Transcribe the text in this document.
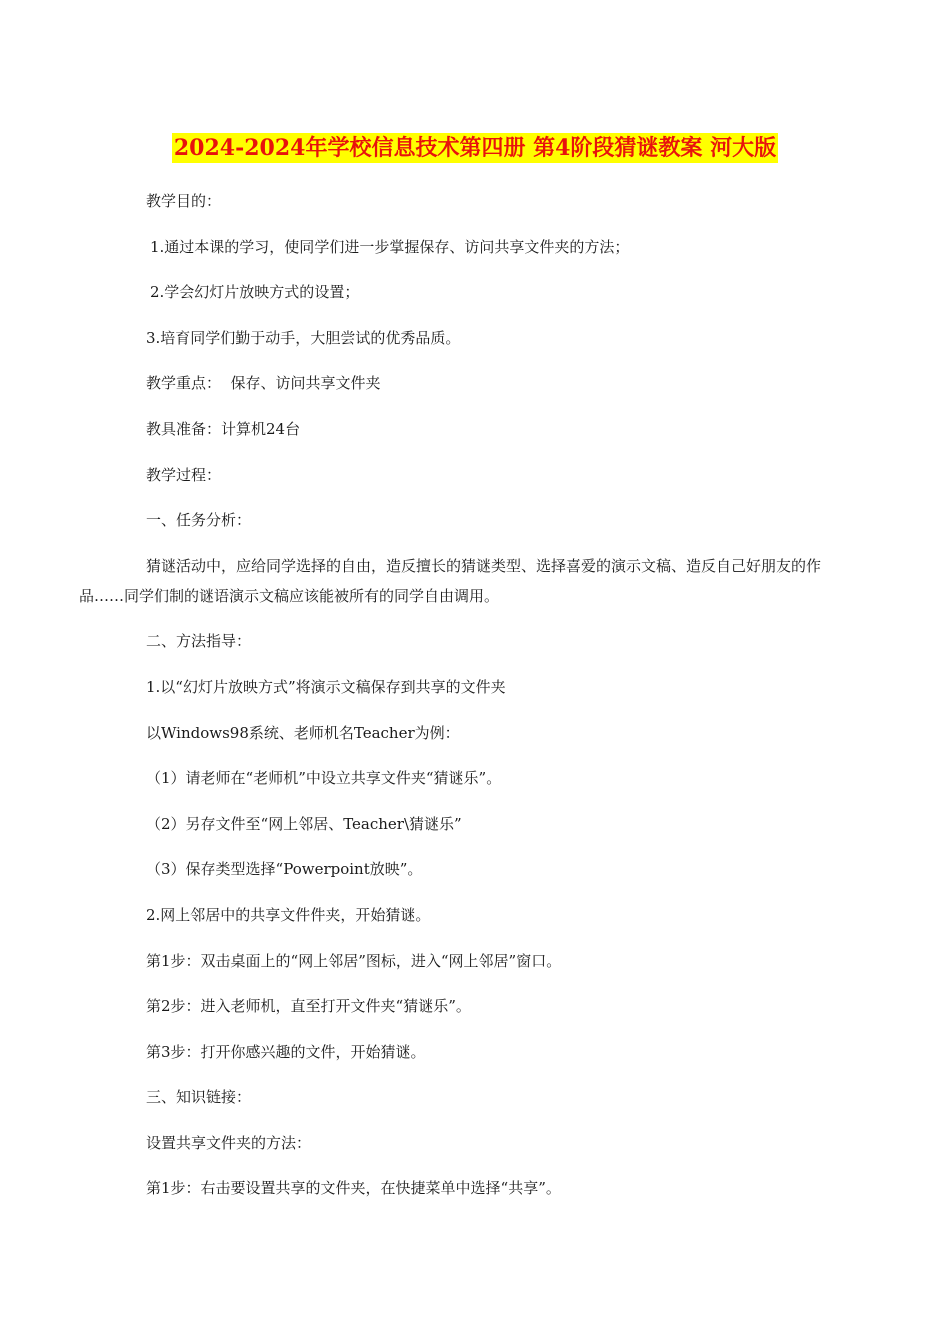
2024-2024年学校信息技术第四册 第4阶段猜谜教案 河大版

教学目的：

1.通过本课的学习，使同学们进一步掌握保存、访问共享文件夹的方法；

2.学会幻灯片放映方式的设置；

3.培育同学们勤于动手，大胆尝试的优秀品质。

教学重点：  保存、访问共享文件夹

教具准备：计算机24台

教学过程：

一、任务分析：

猜谜活动中，应给同学选择的自由，造反擅长的猜谜类型、选择喜爱的演示文稿、造反自己好朋友的作品……同学们制的谜语演示文稿应该能被所有的同学自由调用。

二、方法指导：

1.以“幻灯片放映方式”将演示文稿保存到共享的文件夹

以Windows98系统、老师机名Teacher为例：

（1）请老师在“老师机”中设立共享文件夹“猜谜乐”。

（2）另存文件至“网上邻居、Teacher\猜谜乐”

（3）保存类型选择“Powerpoint放映”。

2.网上邻居中的共享文件件夹，开始猜谜。

第1步：双击桌面上的“网上邻居”图标，进入“网上邻居”窗口。

第2步：进入老师机，直至打开文件夹“猜谜乐”。

第3步：打开你感兴趣的文件，开始猜谜。

三、知识链接：

设置共享文件夹的方法：

第1步：右击要设置共享的文件夹，在快捷菜单中选择“共享”。
